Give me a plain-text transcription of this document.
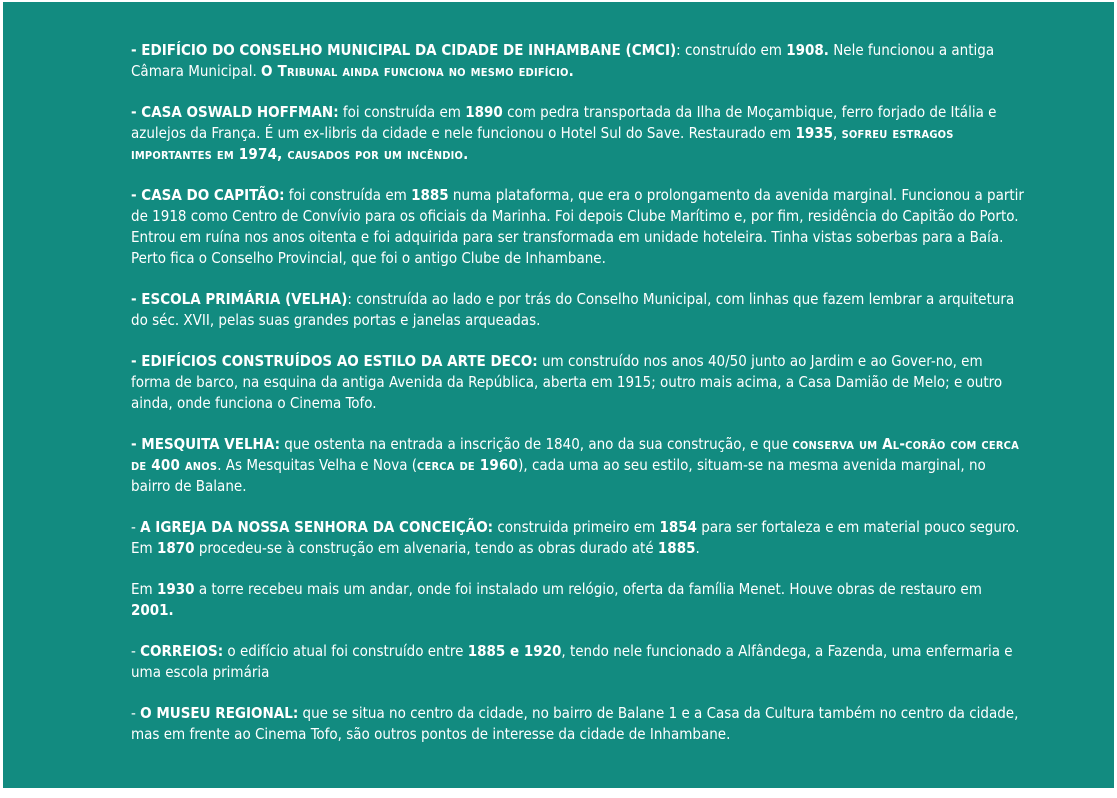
- EDIFÍCIO DO CONSELHO MUNICIPAL DA CIDADE DE INHAMBANE (CMCI): construído em 1908. Nele funcionou a antiga Câmara Municipal. O Tribunal ainda funciona no mesmo edifício.

- CASA OSWALD HOFFMAN: foi construída em 1890 com pedra transportada da Ilha de Moçambique, ferro forjado de Itália e azulejos da França. É um ex-libris da cidade e nele funcionou o Hotel Sul do Save. Restaurado em 1935, sofreu estragos importantes em 1974, causados por um incêndio.

- CASA DO CAPITÃO: foi construída em 1885 numa plataforma, que era o prolongamento da avenida marginal. Funcionou a partir de 1918 como Centro de Convívio para os oficiais da Marinha. Foi depois Clube Marítimo e, por fim, residência do Capitão do Porto. Entrou em ruína nos anos oitenta e foi adquirida para ser transformada em unidade hoteleira. Tinha vistas soberbas para a Baía. Perto fica o Conselho Provincial, que foi o antigo Clube de Inhambane.

- ESCOLA PRIMÁRIA (VELHA): construída ao lado e por trás do Conselho Municipal, com linhas que fazem lembrar a arquitetura do séc. XVII, pelas suas grandes portas e janelas arqueadas.

- EDIFÍCIOS CONSTRUÍDOS AO ESTILO DA ARTE DECO: um construído nos anos 40/50 junto ao Jardim e ao Gover-no, em forma de barco, na esquina da antiga Avenida da República, aberta em 1915; outro mais acima, a Casa Damião de Melo; e outro ainda, onde funciona o Cinema Tofo.

- MESQUITA VELHA: que ostenta na entrada a inscrição de 1840, ano da sua construção, e que conserva um Al-corão com cerca de 400 anos. As Mesquitas Velha e Nova (cerca de 1960), cada uma ao seu estilo, situam-se na mesma avenida marginal, no bairro de Balane.

- A IGREJA DA NOSSA SENHORA DA CONCEIÇÃO: construida primeiro em 1854 para ser fortaleza e em material pouco seguro. Em 1870 procedeu-se à construção em alvenaria, tendo as obras durado até 1885.

Em 1930 a torre recebeu mais um andar, onde foi instalado um relógio, oferta da família Menet. Houve obras de restauro em 2001.

- CORREIOS: o edifício atual foi construído entre 1885 e 1920, tendo nele funcionado a Alfândega, a Fazenda, uma enfermaria e uma escola primária

- O MUSEU REGIONAL: que se situa no centro da cidade, no bairro de Balane 1 e a Casa da Cultura também no centro da cidade, mas em frente ao Cinema Tofo, são outros pontos de interesse da cidade de Inhambane.
